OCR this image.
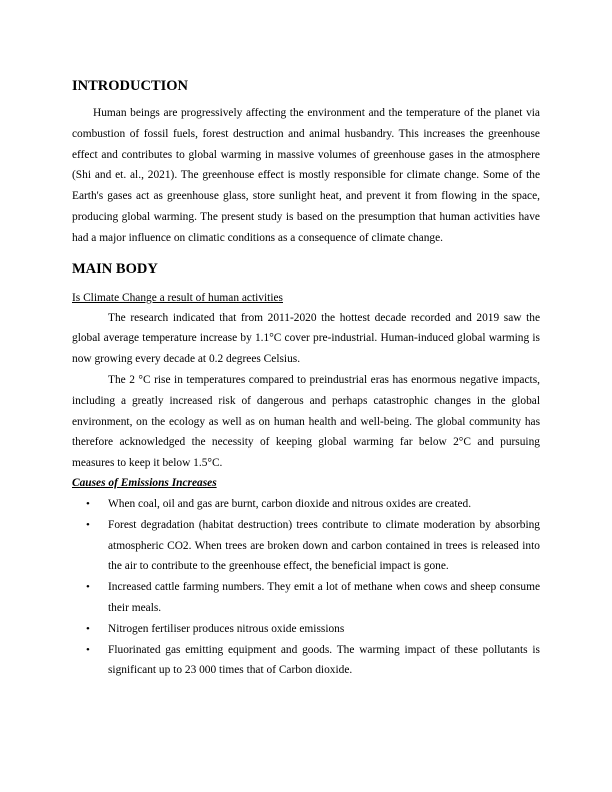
INTRODUCTION

Human beings are progressively affecting the environment and the temperature of the planet via combustion of fossil fuels, forest destruction and animal husbandry. This increases the greenhouse effect and contributes to global warming in massive volumes of greenhouse gases in the atmosphere (Shi and et. al., 2021). The greenhouse effect is mostly responsible for climate change. Some of the Earth's gases act as greenhouse glass, store sunlight heat, and prevent it from flowing in the space, producing global warming. The present study is based on the presumption that human activities have had a major influence on climatic conditions as a consequence of climate change.

MAIN BODY
Is Climate Change a result of human activities

The research indicated that from 2011-2020 the hottest decade recorded and 2019 saw the global average temperature increase by 1.1°C cover pre-industrial. Human-induced global warming is now growing every decade at 0.2 degrees Celsius.

The 2 °C rise in temperatures compared to preindustrial eras has enormous negative impacts, including a greatly increased risk of dangerous and perhaps catastrophic changes in the global environment, on the ecology as well as on human health and well-being. The global community has therefore acknowledged the necessity of keeping global warming far below 2°C and pursuing measures to keep it below 1.5°C.

Causes of Emissions Increases
• When coal, oil and gas are burnt, carbon dioxide and nitrous oxides are created.
• Forest degradation (habitat destruction) trees contribute to climate moderation by absorbing atmospheric CO2. When trees are broken down and carbon contained in trees is released into the air to contribute to the greenhouse effect, the beneficial impact is gone.
• Increased cattle farming numbers. They emit a lot of methane when cows and sheep consume their meals.
• Nitrogen fertiliser produces nitrous oxide emissions
• Fluorinated gas emitting equipment and goods. The warming impact of these pollutants is significant up to 23 000 times that of Carbon dioxide.
